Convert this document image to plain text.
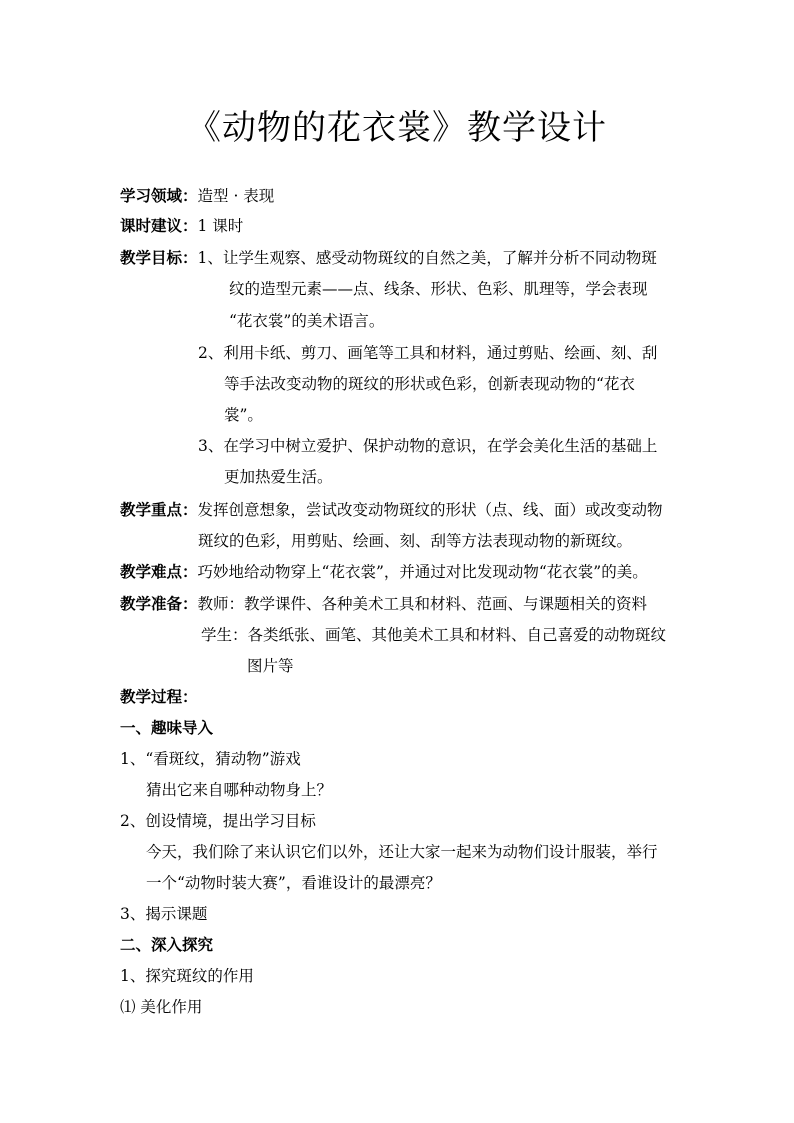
《动物的花衣裳》教学设计
学习领域：造型 · 表现
课时建议：1 课时
教学目标：1、让学生观察、感受动物斑纹的自然之美，了解并分析不同动物斑
纹的造型元素——点、线条、形状、色彩、肌理等，学会表现
“花衣裳”的美术语言。
2、利用卡纸、剪刀、画笔等工具和材料，通过剪贴、绘画、刻、刮
等手法改变动物的斑纹的形状或色彩，创新表现动物的“花衣
裳”。
3、在学习中树立爱护、保护动物的意识，在学会美化生活的基础上
更加热爱生活。
教学重点：发挥创意想象，尝试改变动物斑纹的形状（点、线、面）或改变动物
斑纹的色彩，用剪贴、绘画、刻、刮等方法表现动物的新斑纹。
教学难点：巧妙地给动物穿上“花衣裳”，并通过对比发现动物“花衣裳”的美。
教学准备：教师：教学课件、各种美术工具和材料、范画、与课题相关的资料
学生：各类纸张、画笔、其他美术工具和材料、自己喜爱的动物斑纹
图片等
教学过程：
一、趣味导入
1、“看斑纹，猜动物”游戏
猜出它来自哪种动物身上？
2、创设情境，提出学习目标
今天，我们除了来认识它们以外，还让大家一起来为动物们设计服装，举行
一个“动物时装大赛”，看谁设计的最漂亮？
3、揭示课题
二、深入探究
1、探究斑纹的作用
⑴ 美化作用
